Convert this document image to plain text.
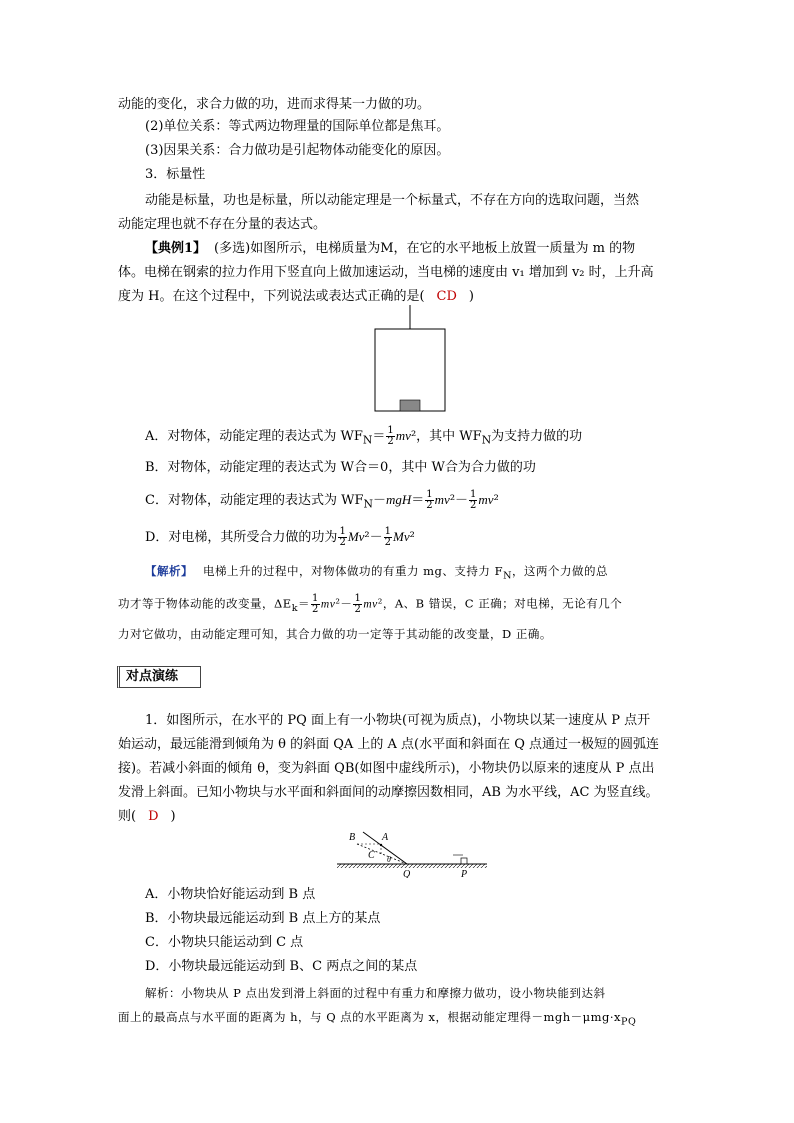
动能的变化，求合力做的功，进而求得某一力做的功。
(2)单位关系：等式两边物理量的国际单位都是焦耳。
(3)因果关系：合力做功是引起物体动能变化的原因。
3．标量性
动能是标量，功也是标量，所以动能定理是一个标量式，不存在方向的选取问题，当然
动能定理也就不存在分量的表达式。
【典例1】 (多选)如图所示，电梯质量为M，在它的水平地板上放置一质量为 m 的物
体。电梯在钢索的拉力作用下竖直向上做加速运动，当电梯的速度由 v₁ 增加到 v₂ 时，上升高
度为 H。在这个过程中，下列说法或表达式正确的是( CD )
A．对物体，动能定理的表达式为 $WF_N= \frac{1}{2} mv^2$，其中 $WF_N$为支持力做的功
B．对物体，动能定理的表达式为 W合＝0，其中 W合为合力做的功
C．对物体，动能定理的表达式为 $WF_N-mgH= \frac{1}{2} mv^2- \frac{1}{2} mv^2$
D．对电梯，其所受合力做的功为 $\frac{1}{2} Mv^2- \frac{1}{2} Mv^2$
【解析】 电梯上升的过程中，对物体做功的有重力 mg、支持力 $F_N$，这两个力做的总
功才等于物体动能的改变量，$\Delta E_k= \frac{1}{2} mv^2- \frac{1}{2} mv^2$，A、B 错误，C 正确；对电梯，无论有几个
力对它做功，由动能定理可知，其合力做的功一定等于其动能的改变量，D 正确。
对点演练
1．如图所示，在水平的 PQ 面上有一小物块(可视为质点)，小物块以某一速度从 P 点开
始运动，最远能滑到倾角为 θ 的斜面 QA 上的 A 点(水平面和斜面在 Q 点通过一极短的圆弧连
接)。若减小斜面的倾角 θ，变为斜面 QB(如图中虚线所示)，小物块仍以原来的速度从 P 点出
发滑上斜面。已知小物块与水平面和斜面间的动摩擦因数相同，AB 为水平线，AC 为竖直线。
则( D )
B	A
C θ
Q	P
A．小物块恰好能运动到 B 点
B．小物块最远能运动到 B 点上方的某点
C．小物块只能运动到 C 点
D．小物块最远能运动到 B、C 两点之间的某点
解析：小物块从 P 点出发到滑上斜面的过程中有重力和摩擦力做功，设小物块能到达斜
面上的最高点与水平面的距离为 h，与 Q 点的水平距离为 x，根据动能定理得$-mgh-\mu mg\cdot x_{PQ}$
